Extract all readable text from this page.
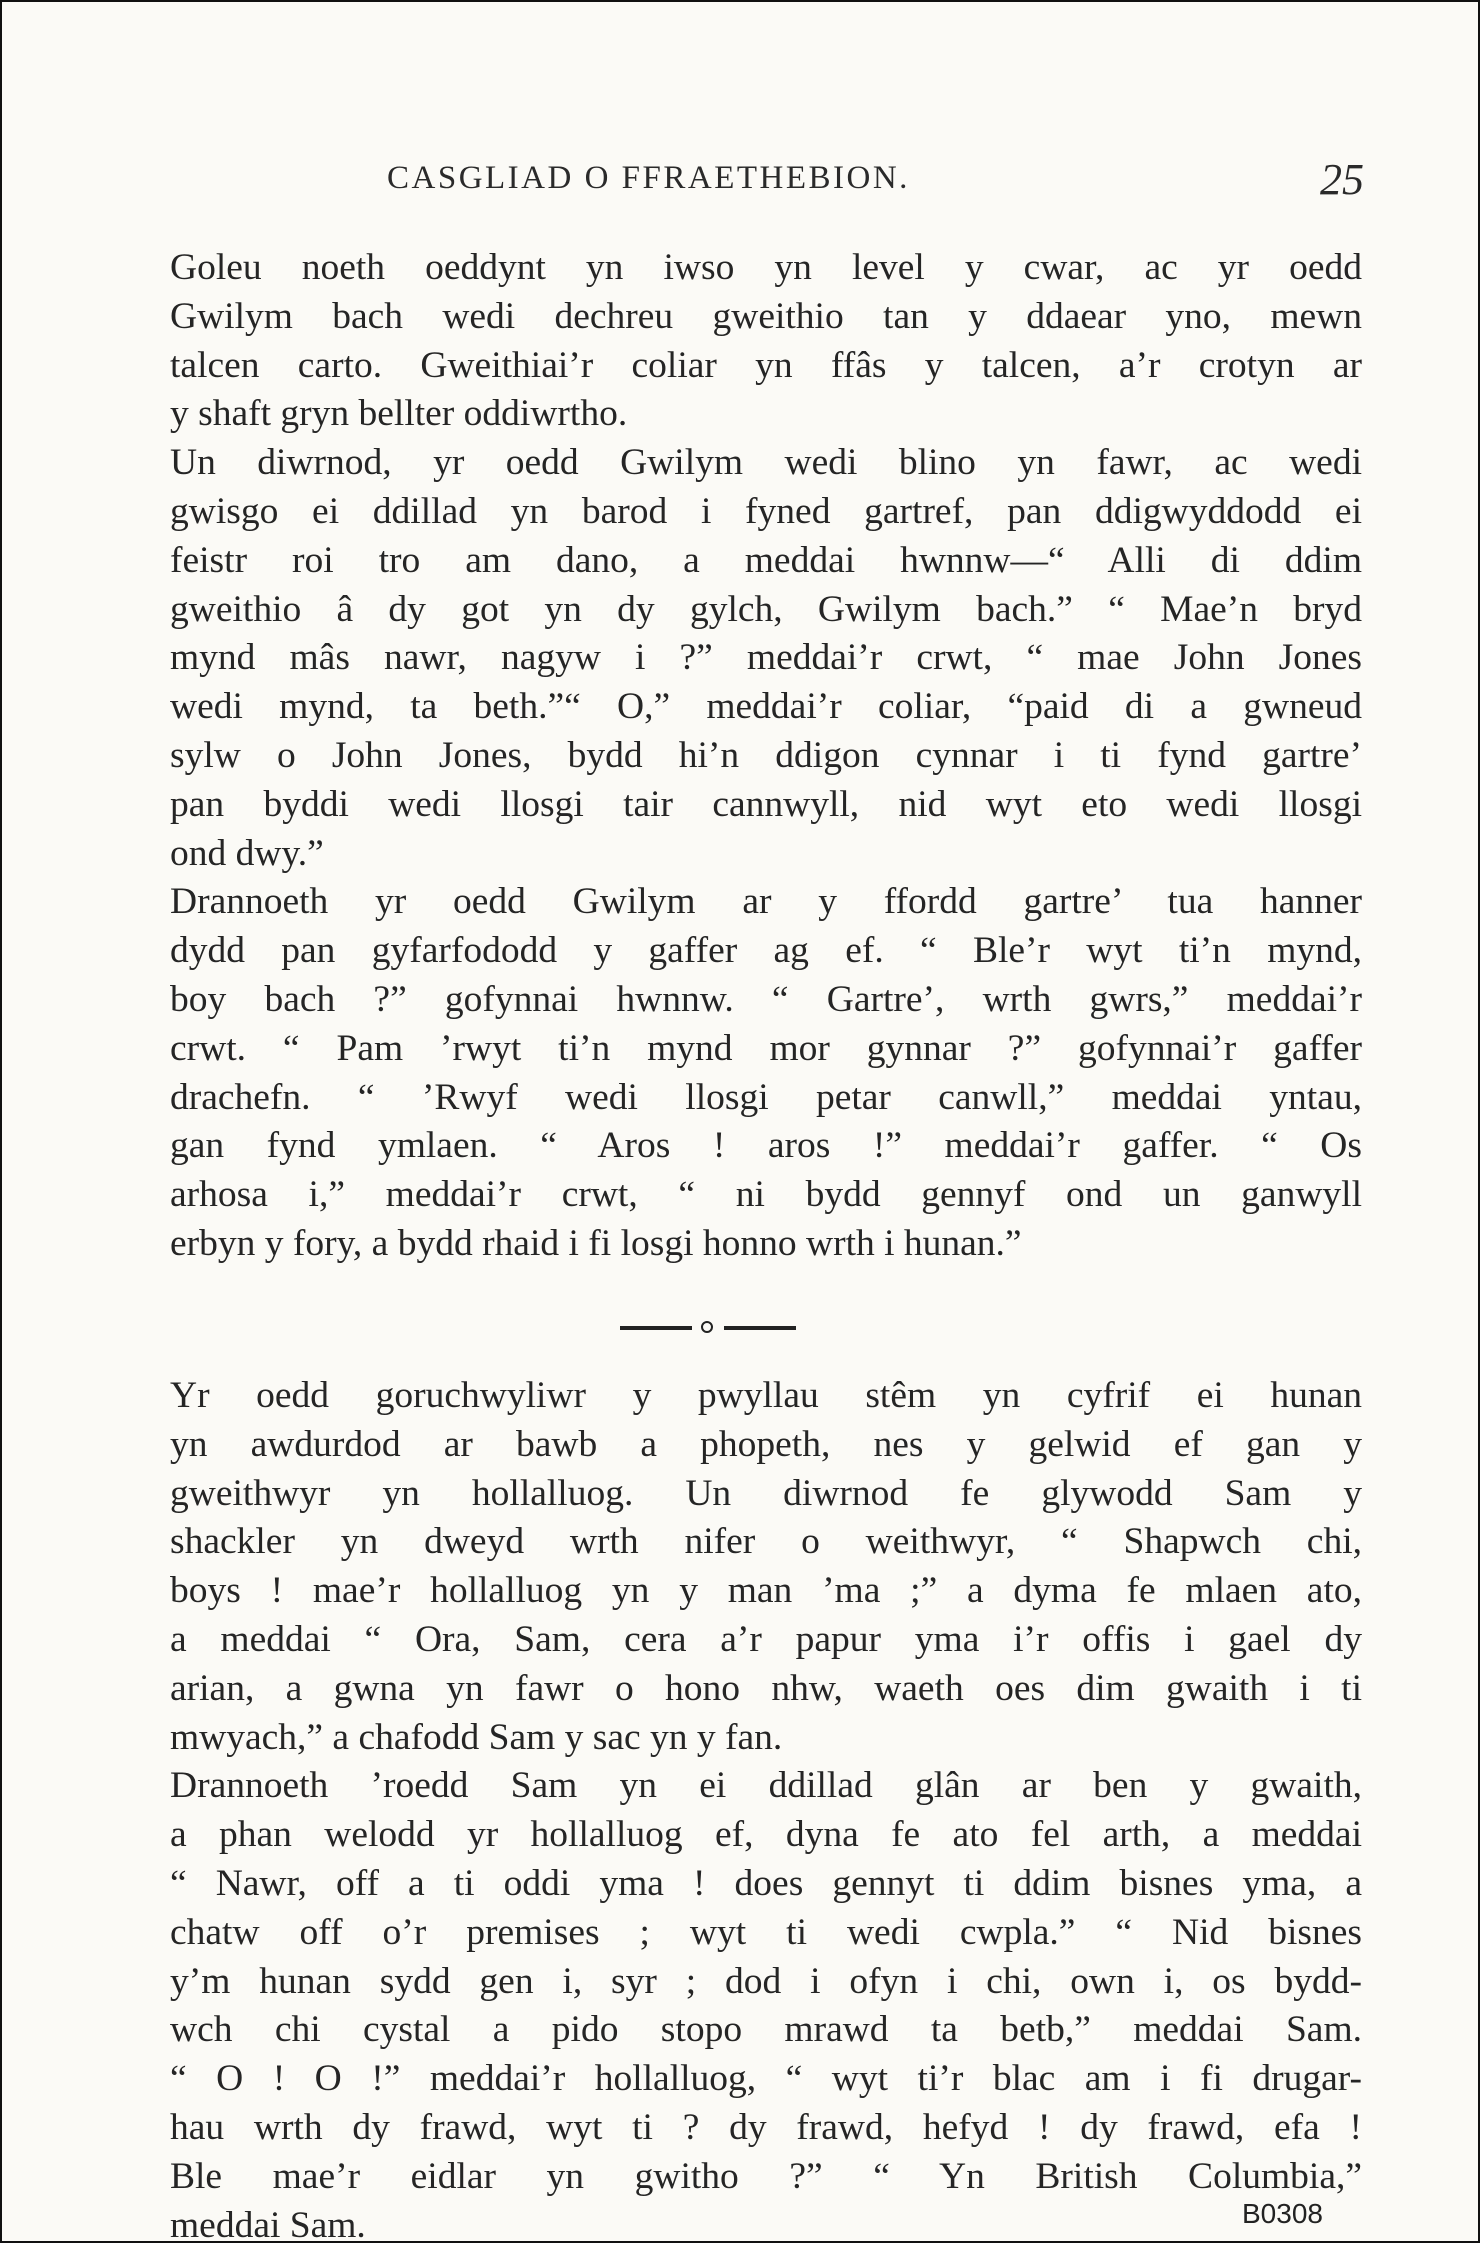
CASGLIAD O FFRAETHEBION.	25

Goleu noeth oeddynt yn iwso yn level y cwar, ac yr oedd
Gwilym bach wedi dechreu gweithio tan y ddaear yno, mewn
talcen carto. Gweithiai’r coliar yn ffâs y talcen, a’r crotyn ar
y shaft gryn bellter oddiwrtho.

Un diwrnod, yr oedd Gwilym wedi blino yn fawr, ac wedi
gwisgo ei ddillad yn barod i fyned gartref, pan ddigwyddodd ei
feistr roi tro am dano, a meddai hwnnw—“ Alli di ddim
gweithio â dy got yn dy gylch, Gwilym bach.” “ Mae’n bryd
mynd mâs nawr, nagyw i ?” meddai’r crwt, “ mae John Jones
wedi mynd, ta beth.”“ O,” meddai’r coliar, “paid di a gwneud
sylw o John Jones, bydd hi’n ddigon cynnar i ti fynd gartre’
pan byddi wedi llosgi tair cannwyll, nid wyt eto wedi llosgi
ond dwy.”

Drannoeth yr oedd Gwilym ar y ffordd gartre’ tua hanner
dydd pan gyfarfododd y gaffer ag ef. “ Ble’r wyt ti’n mynd,
boy bach ?” gofynnai hwnnw. “ Gartre’, wrth gwrs,” meddai’r
crwt. “ Pam ’rwyt ti’n mynd mor gynnar ?” gofynnai’r gaffer
drachefn. “ ’Rwyf wedi llosgi petar canwll,” meddai yntau,
gan fynd ymlaen. “ Aros ! aros !” meddai’r gaffer. “ Os
arhosa i,” meddai’r crwt, “ ni bydd gennyf ond un ganwyll
erbyn y fory, a bydd rhaid i fi losgi honno wrth i hunan.”

Yr oedd goruchwyliwr y pwyllau stêm yn cyfrif ei hunan
yn awdurdod ar bawb a phopeth, nes y gelwid ef gan y
gweithwyr yn hollalluog. Un diwrnod fe glywodd Sam y
shackler yn dweyd wrth nifer o weithwyr, “ Shapwch chi,
boys ! mae’r hollalluog yn y man ’ma ;” a dyma fe mlaen ato,
a meddai “ Ora, Sam, cera a’r papur yma i’r offis i gael dy
arian, a gwna yn fawr o hono nhw, waeth oes dim gwaith i ti
mwyach,” a chafodd Sam y sac yn y fan.

Drannoeth ’roedd Sam yn ei ddillad glân ar ben y gwaith,
a phan welodd yr hollalluog ef, dyna fe ato fel arth, a meddai
“ Nawr, off a ti oddi yma ! does gennyt ti ddim bisnes yma, a
chatw off o’r premises ; wyt ti wedi cwpla.” “ Nid bisnes
y’m hunan sydd gen i, syr ; dod i ofyn i chi, own i, os bydd-
wch chi cystal a pido stopo mrawd ta betb,” meddai Sam.
“ O ! O !” meddai’r hollalluog, “ wyt ti’r blac am i fi drugar-
hau wrth dy frawd, wyt ti ? dy frawd, hefyd ! dy frawd, efa !
Ble mae’r eidlar yn gwitho ?” “ Yn British Columbia,”
meddai Sam.	B0308
